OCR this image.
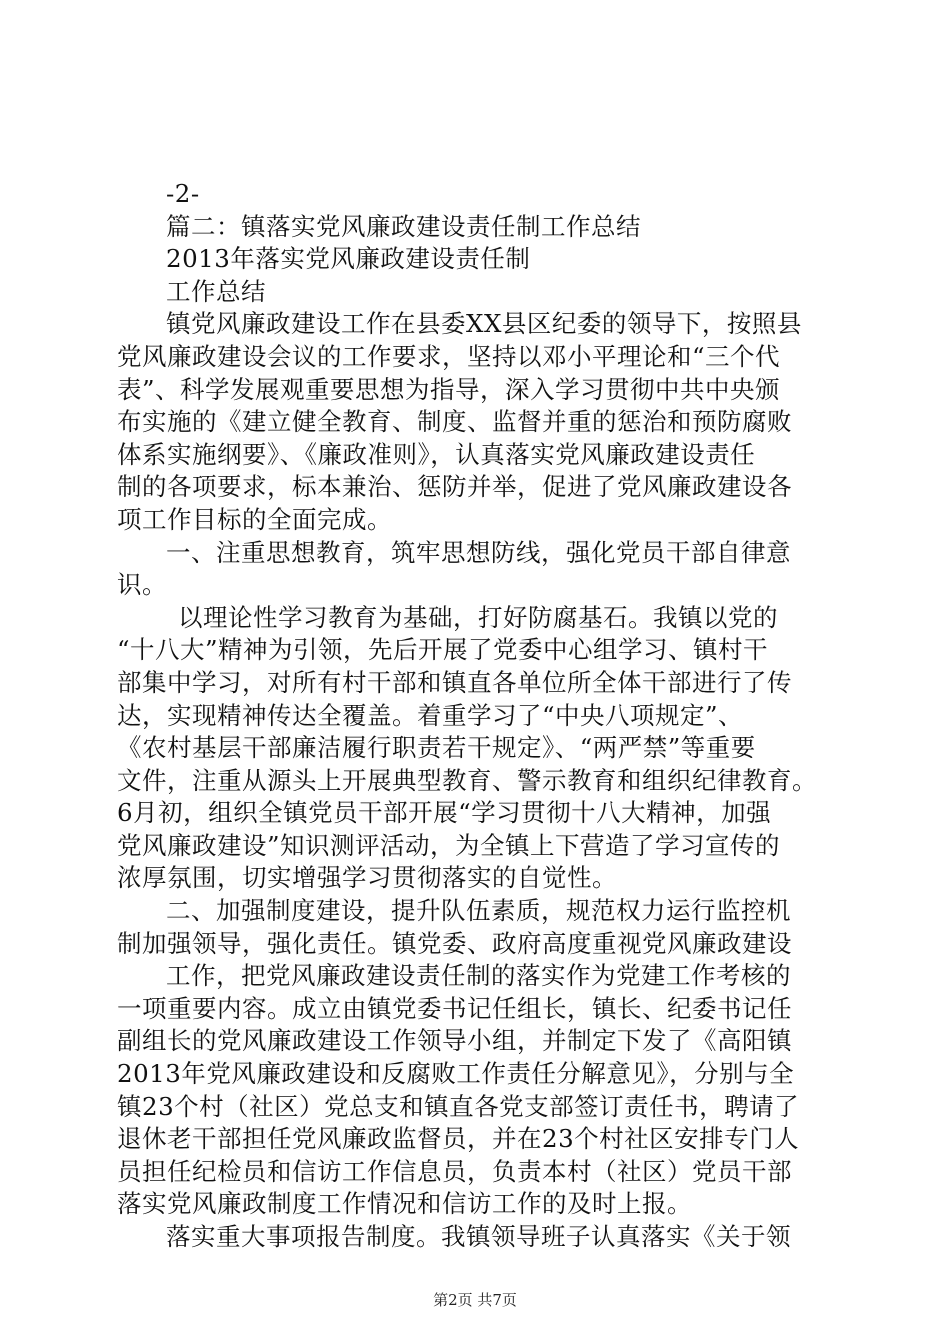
-2-
篇二：镇落实党风廉政建设责任制工作总结
2013年落实党风廉政建设责任制
工作总结
镇党风廉政建设工作在县委XX县区纪委的领导下，按照县
党风廉政建设会议的工作要求，坚持以邓小平理论和“三个代
表”、科学发展观重要思想为指导，深入学习贯彻中共中央颁
布实施的《建立健全教育、制度、监督并重的惩治和预防腐败
体系实施纲要》、《廉政准则》，认真落实党风廉政建设责任
制的各项要求，标本兼治、惩防并举，促进了党风廉政建设各
项工作目标的全面完成。
一、注重思想教育，筑牢思想防线，强化党员干部自律意
识。
以理论性学习教育为基础，打好防腐基石。我镇以党的
“十八大”精神为引领，先后开展了党委中心组学习、镇村干
部集中学习，对所有村干部和镇直各单位所全体干部进行了传
达，实现精神传达全覆盖。着重学习了“中央八项规定”、
《农村基层干部廉洁履行职责若干规定》、“两严禁”等重要
文件，注重从源头上开展典型教育、警示教育和组织纪律教育。
6月初，组织全镇党员干部开展“学习贯彻十八大精神，加强
党风廉政建设”知识测评活动，为全镇上下营造了学习宣传的
浓厚氛围，切实增强学习贯彻落实的自觉性。
二、加强制度建设，提升队伍素质，规范权力运行监控机
制加强领导，强化责任。镇党委、政府高度重视党风廉政建设
工作，把党风廉政建设责任制的落实作为党建工作考核的
一项重要内容。成立由镇党委书记任组长，镇长、纪委书记任
副组长的党风廉政建设工作领导小组，并制定下发了《高阳镇
2013年党风廉政建设和反腐败工作责任分解意见》，分别与全
镇23个村（社区）党总支和镇直各党支部签订责任书，聘请了
退休老干部担任党风廉政监督员，并在23个村社区安排专门人
员担任纪检员和信访工作信息员，负责本村（社区）党员干部
落实党风廉政制度工作情况和信访工作的及时上报。
落实重大事项报告制度。我镇领导班子认真落实《关于领
第2页 共7页
